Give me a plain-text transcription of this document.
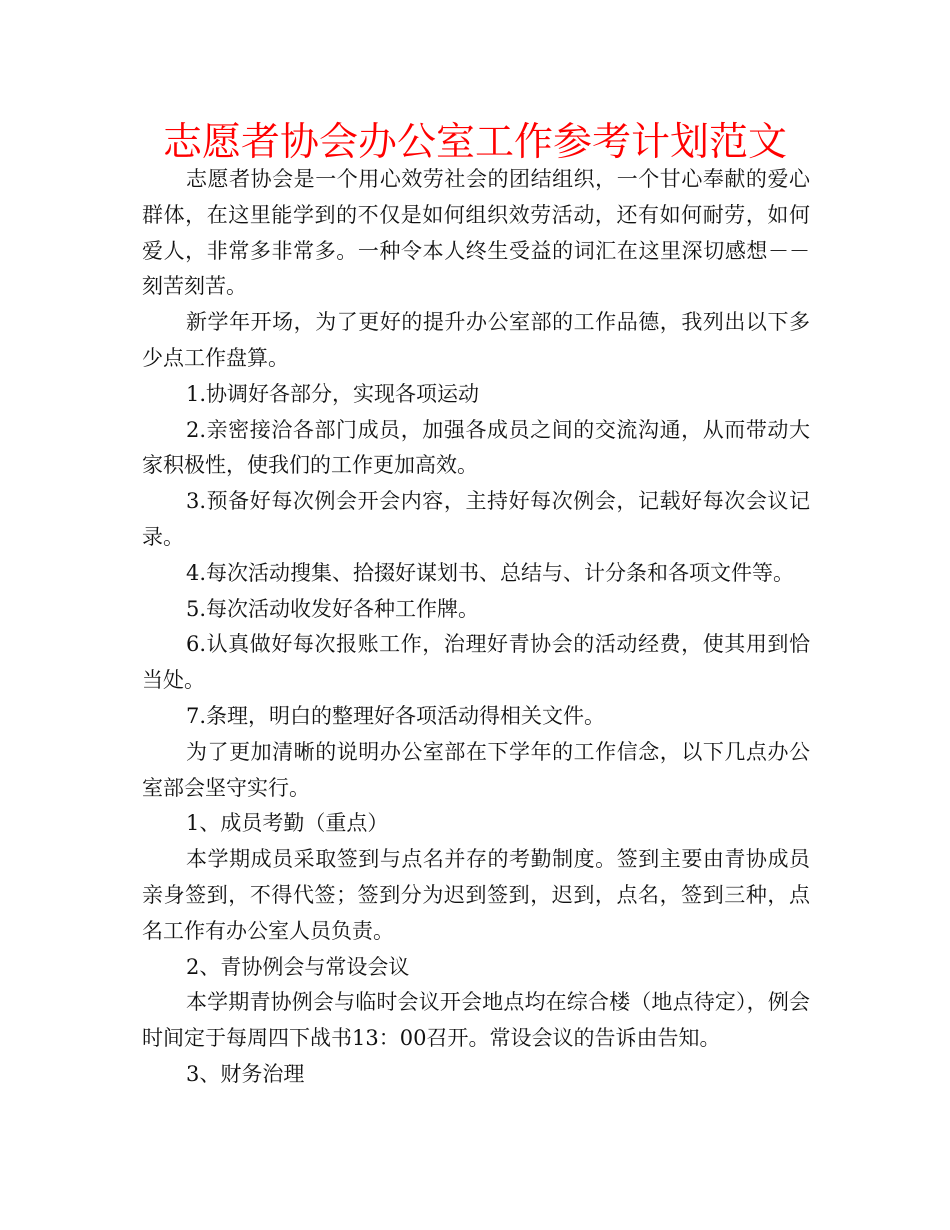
志愿者协会办公室工作参考计划范文

志愿者协会是一个用心效劳社会的团结组织，一个甘心奉献的爱心群体，在这里能学到的不仅是如何组织效劳活动，还有如何耐劳，如何爱人，非常多非常多。一种令本人终生受益的词汇在这里深切感想－－刻苦刻苦。

新学年开场，为了更好的提升办公室部的工作品德，我列出以下多少点工作盘算。

1.协调好各部分，实现各项运动

2.亲密接洽各部门成员，加强各成员之间的交流沟通，从而带动大家积极性，使我们的工作更加高效。

3.预备好每次例会开会内容，主持好每次例会，记载好每次会议记录。

4.每次活动搜集、拾掇好谋划书、总结与、计分条和各项文件等。

5.每次活动收发好各种工作牌。

6.认真做好每次报账工作，治理好青协会的活动经费，使其用到恰当处。

7.条理，明白的整理好各项活动得相关文件。

为了更加清晰的说明办公室部在下学年的工作信念，以下几点办公室部会坚守实行。

1、成员考勤（重点）

本学期成员采取签到与点名并存的考勤制度。签到主要由青协成员亲身签到，不得代签；签到分为迟到签到，迟到，点名，签到三种，点名工作有办公室人员负责。

2、青协例会与常设会议

本学期青协例会与临时会议开会地点均在综合楼（地点待定），例会时间定于每周四下战书13：00召开。常设会议的告诉由告知。

3、财务治理
